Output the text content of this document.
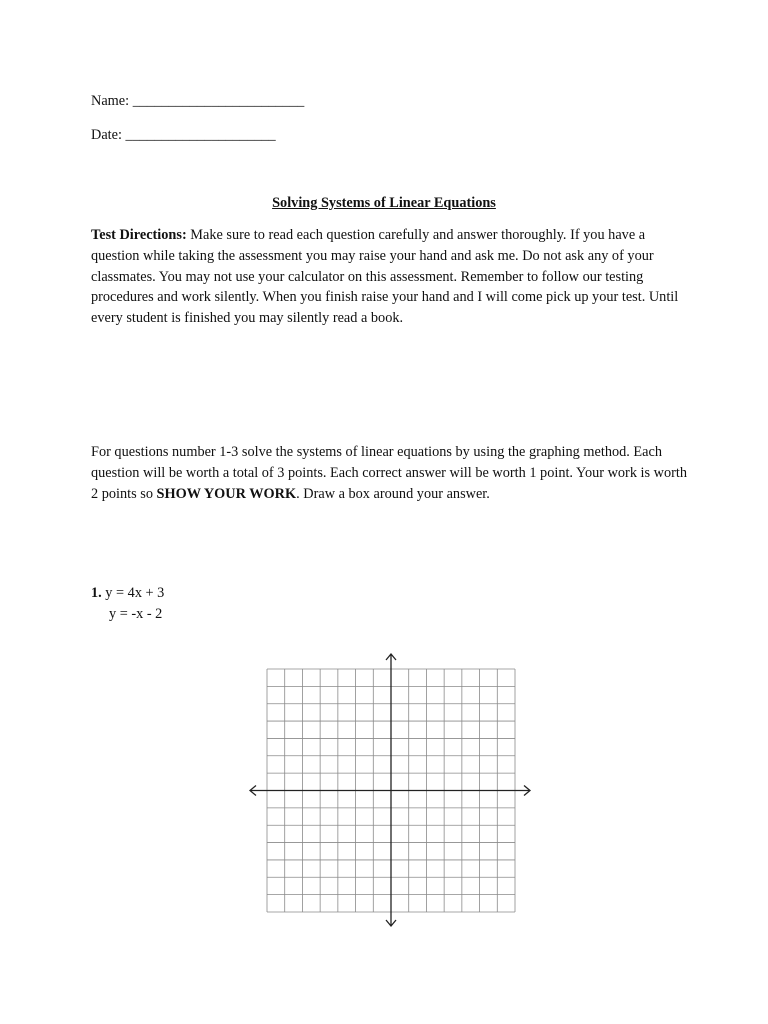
Name: ________________________
Date: _____________________
Solving Systems of Linear Equations
Test Directions: Make sure to read each question carefully and answer thoroughly. If you have a question while taking the assessment you may raise your hand and ask me. Do not ask any of your classmates. You may not use your calculator on this assessment. Remember to follow our testing procedures and work silently. When you finish raise your hand and I will come pick up your test. Until every student is finished you may silently read a book.
For questions number 1-3 solve the systems of linear equations by using the graphing method. Each question will be worth a total of 3 points. Each correct answer will be worth 1 point. Your work is worth 2 points so SHOW YOUR WORK. Draw a box around your answer.
1. y = 4x + 3
y = -x - 2
